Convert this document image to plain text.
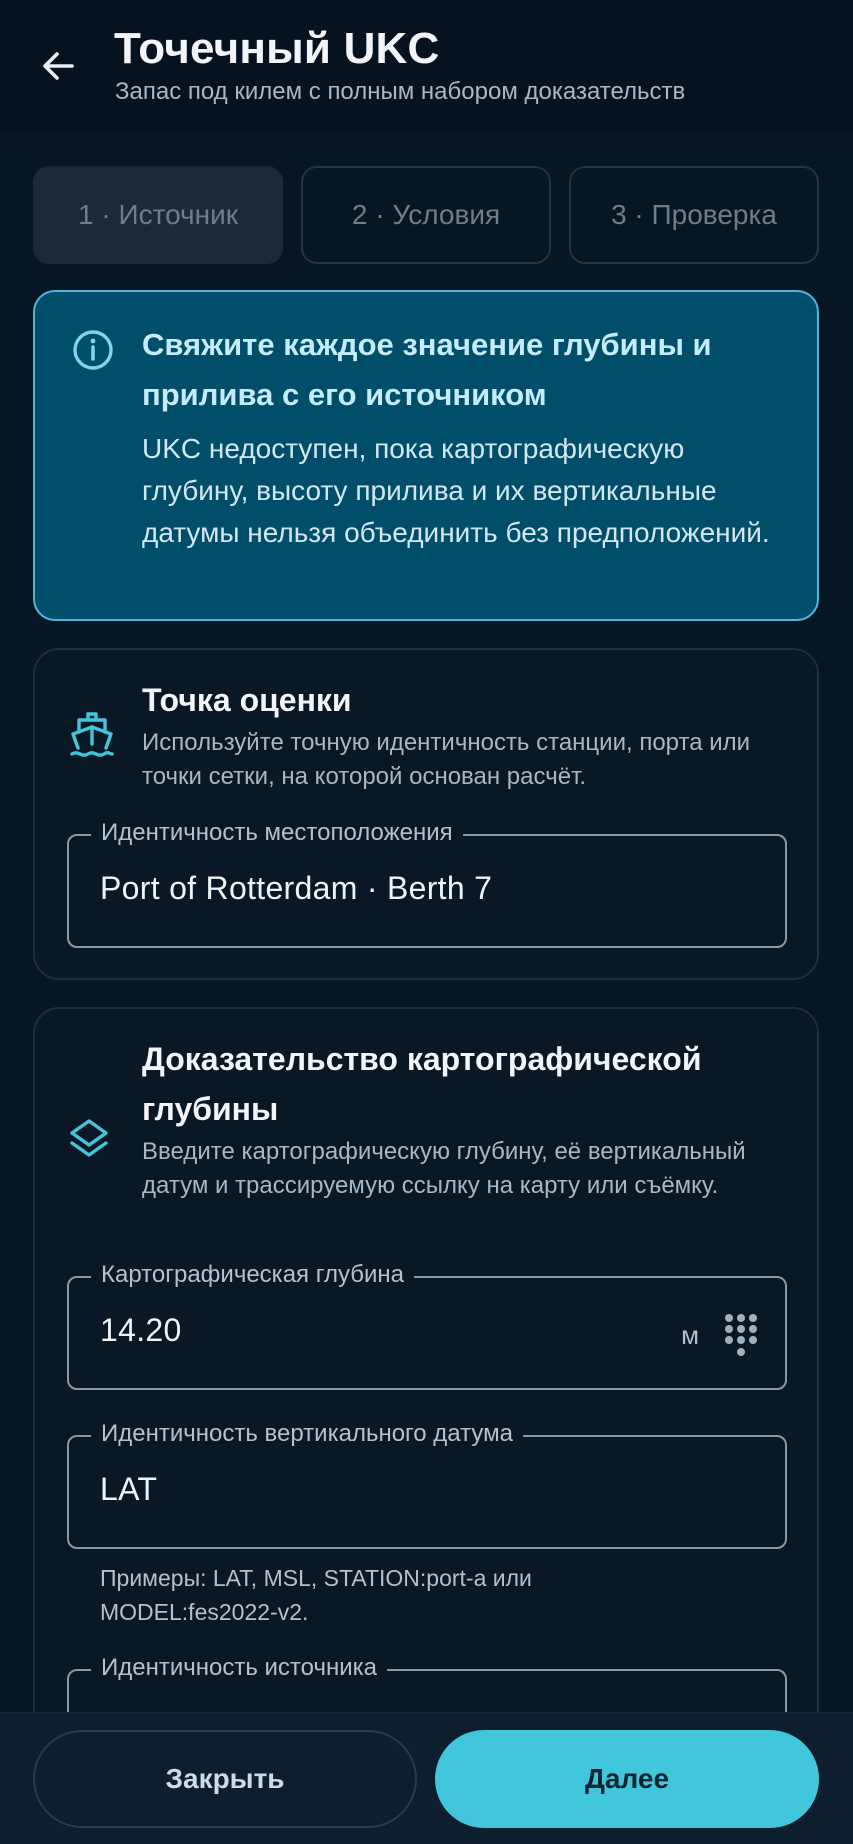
Точечный UKC
Запас под килем с полным набором доказательств
1 · Источник	2 · Условия	3 · Проверка
Свяжите каждое значение глубины и прилива с его источником
UKC недоступен, пока картографическую глубину, высоту прилива и их вертикальные датумы нельзя объединить без предположений.
Точка оценки
Используйте точную идентичность станции, порта или точки сетки, на которой основан расчёт.
Идентичность местоположения
Port of Rotterdam · Berth 7
Доказательство картографической глубины
Введите картографическую глубину, её вертикальный датум и трассируемую ссылку на карту или съёмку.
Картографическая глубина
14.20	м
Идентичность вертикального датума
LAT
Примеры: LAT, MSL, STATION:port-a или MODEL:fes2022-v2.
Идентичность источника
Закрыть	Далее
